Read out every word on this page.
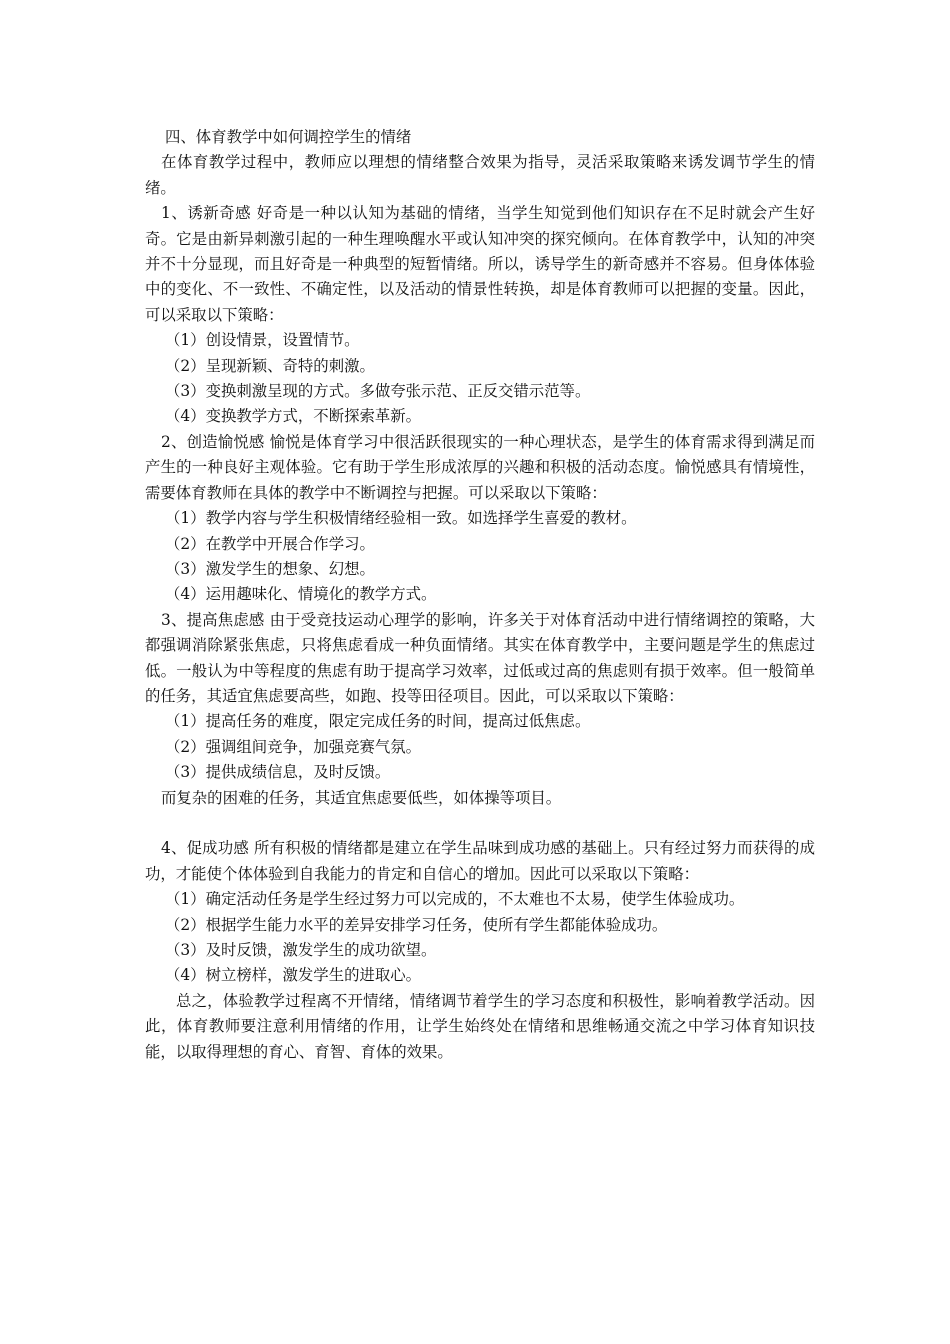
四、体育教学中如何调控学生的情绪

在体育教学过程中，教师应以理想的情绪整合效果为指导，灵活采取策略来诱发调节学生的情绪。

1、诱新奇感 好奇是一种以认知为基础的情绪，当学生知觉到他们知识存在不足时就会产生好奇。它是由新异刺激引起的一种生理唤醒水平或认知冲突的探究倾向。在体育教学中，认知的冲突并不十分显现，而且好奇是一种典型的短暂情绪。所以，诱导学生的新奇感并不容易。但身体体验中的变化、不一致性、不确定性，以及活动的情景性转换，却是体育教师可以把握的变量。因此，可以采取以下策略：

（1）创设情景，设置情节。

（2）呈现新颖、奇特的刺激。

（3）变换刺激呈现的方式。多做夸张示范、正反交错示范等。

（4）变换教学方式，不断探索革新。

2、创造愉悦感 愉悦是体育学习中很活跃很现实的一种心理状态，是学生的体育需求得到满足而产生的一种良好主观体验。它有助于学生形成浓厚的兴趣和积极的活动态度。愉悦感具有情境性，需要体育教师在具体的教学中不断调控与把握。可以采取以下策略：

（1）教学内容与学生积极情绪经验相一致。如选择学生喜爱的教材。

（2）在教学中开展合作学习。

（3）激发学生的想象、幻想。

（4）运用趣味化、情境化的教学方式。

3、提高焦虑感 由于受竞技运动心理学的影响，许多关于对体育活动中进行情绪调控的策略，大都强调消除紧张焦虑，只将焦虑看成一种负面情绪。其实在体育教学中，主要问题是学生的焦虑过低。一般认为中等程度的焦虑有助于提高学习效率，过低或过高的焦虑则有损于效率。但一般简单的任务，其适宜焦虑要高些，如跑、投等田径项目。因此，可以采取以下策略：

（1）提高任务的难度，限定完成任务的时间，提高过低焦虑。

（2）强调组间竞争，加强竞赛气氛。

（3）提供成绩信息，及时反馈。

而复杂的困难的任务，其适宜焦虑要低些，如体操等项目。

4、促成功感 所有积极的情绪都是建立在学生品味到成功感的基础上。只有经过努力而获得的成功，才能使个体体验到自我能力的肯定和自信心的增加。因此可以采取以下策略：

（1）确定活动任务是学生经过努力可以完成的，不太难也不太易，使学生体验成功。

（2）根据学生能力水平的差异安排学习任务，使所有学生都能体验成功。

（3）及时反馈，激发学生的成功欲望。

（4）树立榜样，激发学生的进取心。

总之，体验教学过程离不开情绪，情绪调节着学生的学习态度和积极性，影响着教学活动。因此，体育教师要注意利用情绪的作用，让学生始终处在情绪和思维畅通交流之中学习体育知识技能，以取得理想的育心、育智、育体的效果。
